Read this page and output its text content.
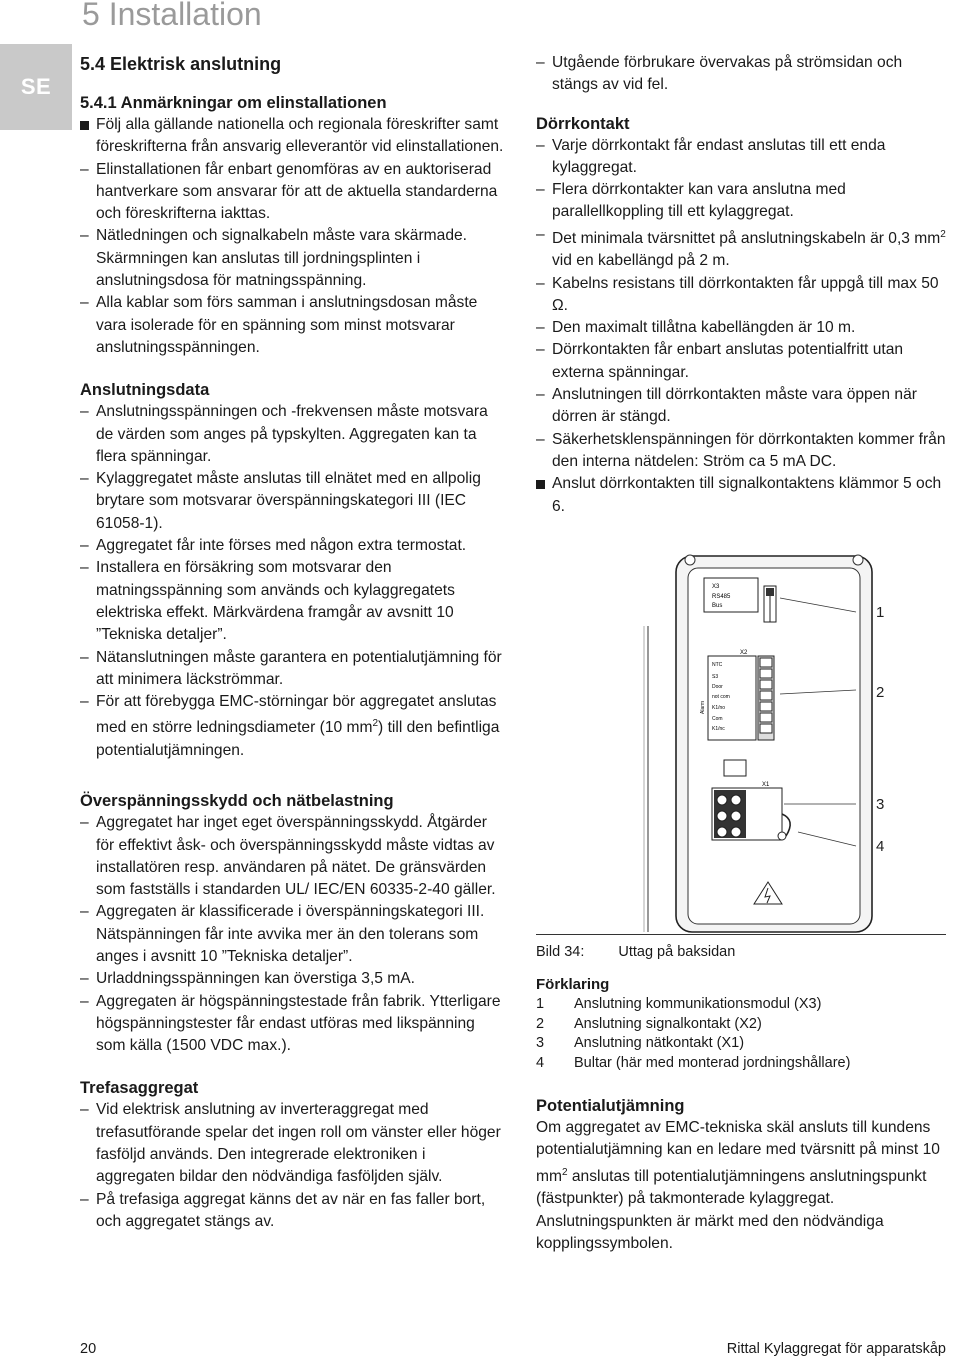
SE
5 Installation
5.4 Elektrisk anslutning
5.4.1 Anmärkningar om elinstallationen

Följ alla gällande nationella och regionala föreskrifter samt föreskrifterna från ansvarig elleverantör vid elinstallationen.

– Elinstallationen får enbart genomföras av en auktoriserad hantverkare som ansvarar för att de aktuella standarderna och föreskrifterna iakttas.

– Nätledningen och signalkabeln måste vara skärmade. Skärmningen kan anslutas till jordningsplinten i anslutningsdosa för matningsspänning.

– Alla kablar som förs samman i anslutningsdosan måste vara isolerade för en spänning som minst motsvarar anslutningsspänningen.

Anslutningsdata

– Anslutningsspänningen och -frekvensen måste motsvara de värden som anges på typskylten. Aggregaten kan ta flera spänningar.

– Kylaggregatet måste anslutas till elnätet med en allpolig brytare som motsvarar överspänningskategori III (IEC 61058-1).

– Aggregatet får inte förses med någon extra termostat.

– Installera en försäkring som motsvarar den matningsspänning som används och kylaggregatets elektriska effekt. Märkvärdena framgår av avsnitt 10 ”Tekniska detaljer”.

– Nätanslutningen måste garantera en potentialutjämning för att minimera läckströmmar.

– För att förebygga EMC-störningar bör aggregatet anslutas med en större ledningsdiameter (10 $mm^2$) till den befintliga potentialutjämningen.

Överspänningsskydd och nätbelastning

– Aggregatet har inget eget överspänningsskydd. Åtgärder för effektivt åsk- och överspänningsskydd måste vidtas av installatören resp. användaren på nätet. De gränsvärden som fastställs i standarden UL/ IEC/EN 60335-2-40 gäller.

– Aggregaten är klassificerade i överspänningskategori III. Nätspänningen får inte avvika mer än den tolerans som anges i avsnitt 10 ”Tekniska detaljer”.

– Urladdningsspänningen kan överstiga 3,5 mA.

– Aggregaten är högspänningstestade från fabrik. Ytterligare högspänningstester får endast utföras med likspänning som källa (1500 VDC max.).

Trefasaggregat

– Vid elektrisk anslutning av inverteraggregat med trefasutförande spelar det ingen roll om vänster eller höger fasföljd används. Den integrerade elektroniken i aggregaten bildar den nödvändiga fasföljden själv.

– På trefasiga aggregat känns det av när en fas faller bort, och aggregatet stängs av.

– Utgående förbrukare övervakas på strömsidan och stängs av vid fel.

Dörrkontakt

– Varje dörrkontakt får endast anslutas till ett enda kylaggregat.

– Flera dörrkontakter kan vara anslutna med parallellkoppling till ett kylaggregat.

– Det minimala tvärsnittet på anslutningskabeln är 0,3 $mm^2$ vid en kabellängd på 2 m.

– Kabelns resistans till dörrkontakten får uppgå till max 50 Ω.

– Den maximalt tillåtna kabellängden är 10 m.

– Dörrkontakten får enbart anslutas potentialfritt utan externa spänningar.

– Anslutningen till dörrkontakten måste vara öppen när dörren är stängd.

– Säkerhetsklenspänningen för dörrkontakten kommer från den interna nätdelen: Ström ca 5 mA DC.

Anslut dörrkontakten till signalkontaktens klämmor 5 och 6.

X3
RS485
Bus
X2
Alarm
NTC
S3
Door
not com
K1/no
Com
K1/nc
X1
1
2
3
4
Bild 34: Uttag på baksidan
Förklaring
1	Anslutning kommunikationsmodul (X3)
2	Anslutning signalkontakt (X2)
3	Anslutning nätkontakt (X1)
4	Bultar (här med monterad jordningshållare)
Potentialutjämning

Om aggregatet av EMC-tekniska skäl ansluts till kundens potentialutjämning kan en ledare med tvärsnitt på minst 10 $mm^2$ anslutas till potentialutjämningens anslutningspunkt (fästpunkter) på takmonterade kylaggregat. Anslutningspunkten är märkt med den nödvändiga kopplingssymbolen.

20	Rittal Kylaggregat för apparatskåp
